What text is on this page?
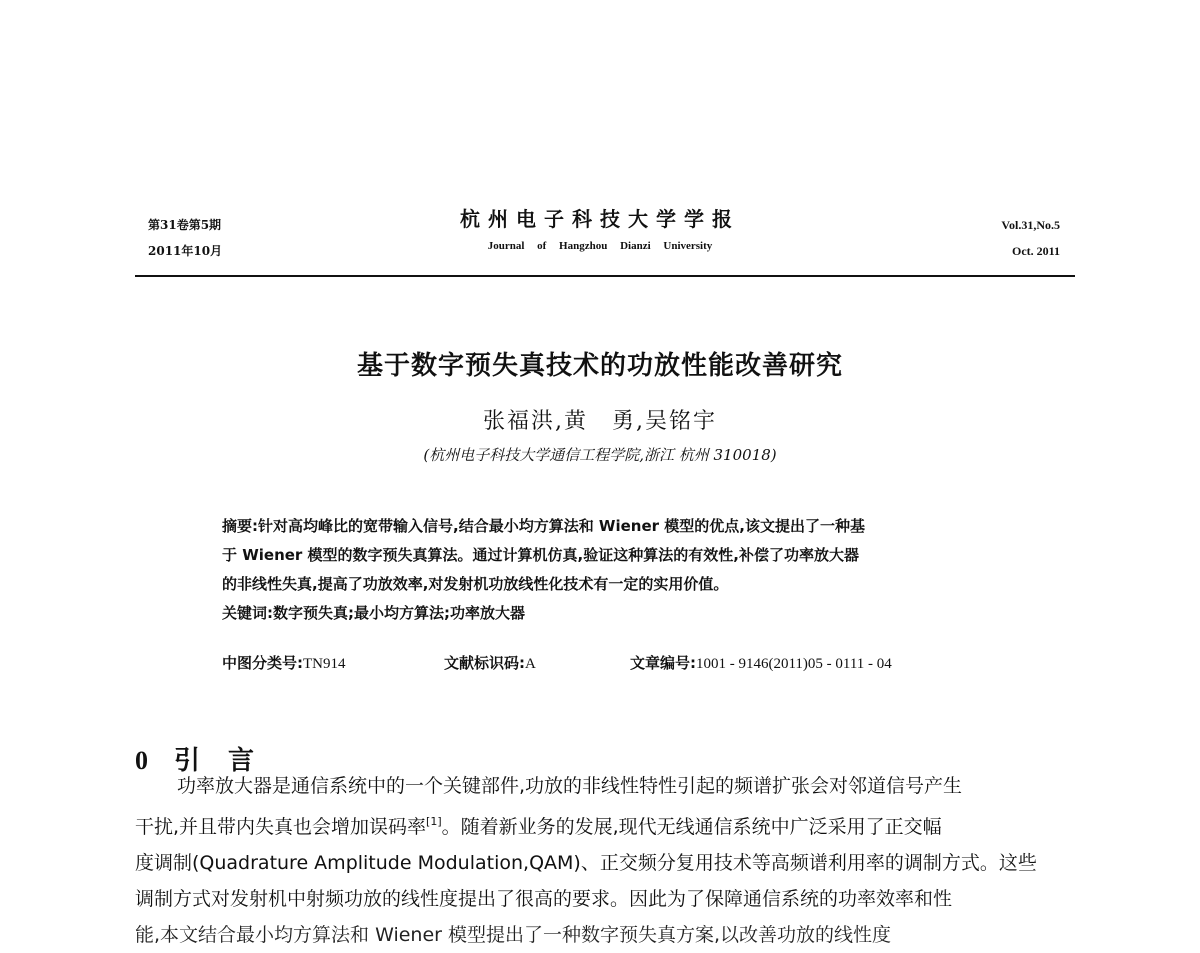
第31卷第5期
2011年10月
杭州电子科技大学学报
Journal of Hangzhou Dianzi University
Vol.31,No.5
Oct. 2011
基于数字预失真技术的功放性能改善研究
张福洪,黄　勇,吴铭宇
(杭州电子科技大学通信工程学院,浙江 杭州 310018)
摘要:针对高均峰比的宽带输入信号,结合最小均方算法和 Wiener 模型的优点,该文提出了一种基
于 Wiener 模型的数字预失真算法。通过计算机仿真,验证这种算法的有效性,补偿了功率放大器
的非线性失真,提高了功放效率,对发射机功放线性化技术有一定的实用价值。
关键词:数字预失真;最小均方算法;功率放大器
中图分类号:TN914	文献标识码:A	文章编号:1001 - 9146(2011)05 - 0111 - 04
0 引言
功率放大器是通信系统中的一个关键部件,功放的非线性特性引起的频谱扩张会对邻道信号产生
干扰,并且带内失真也会增加误码率[1]。随着新业务的发展,现代无线通信系统中广泛采用了正交幅
度调制(Quadrature Amplitude Modulation,QAM)、正交频分复用技术等高频谱利用率的调制方式。这些
调制方式对发射机中射频功放的线性度提出了很高的要求。因此为了保障通信系统的功率效率和性
能,本文结合最小均方算法和 Wiener 模型提出了一种数字预失真方案,以改善功放的线性度
